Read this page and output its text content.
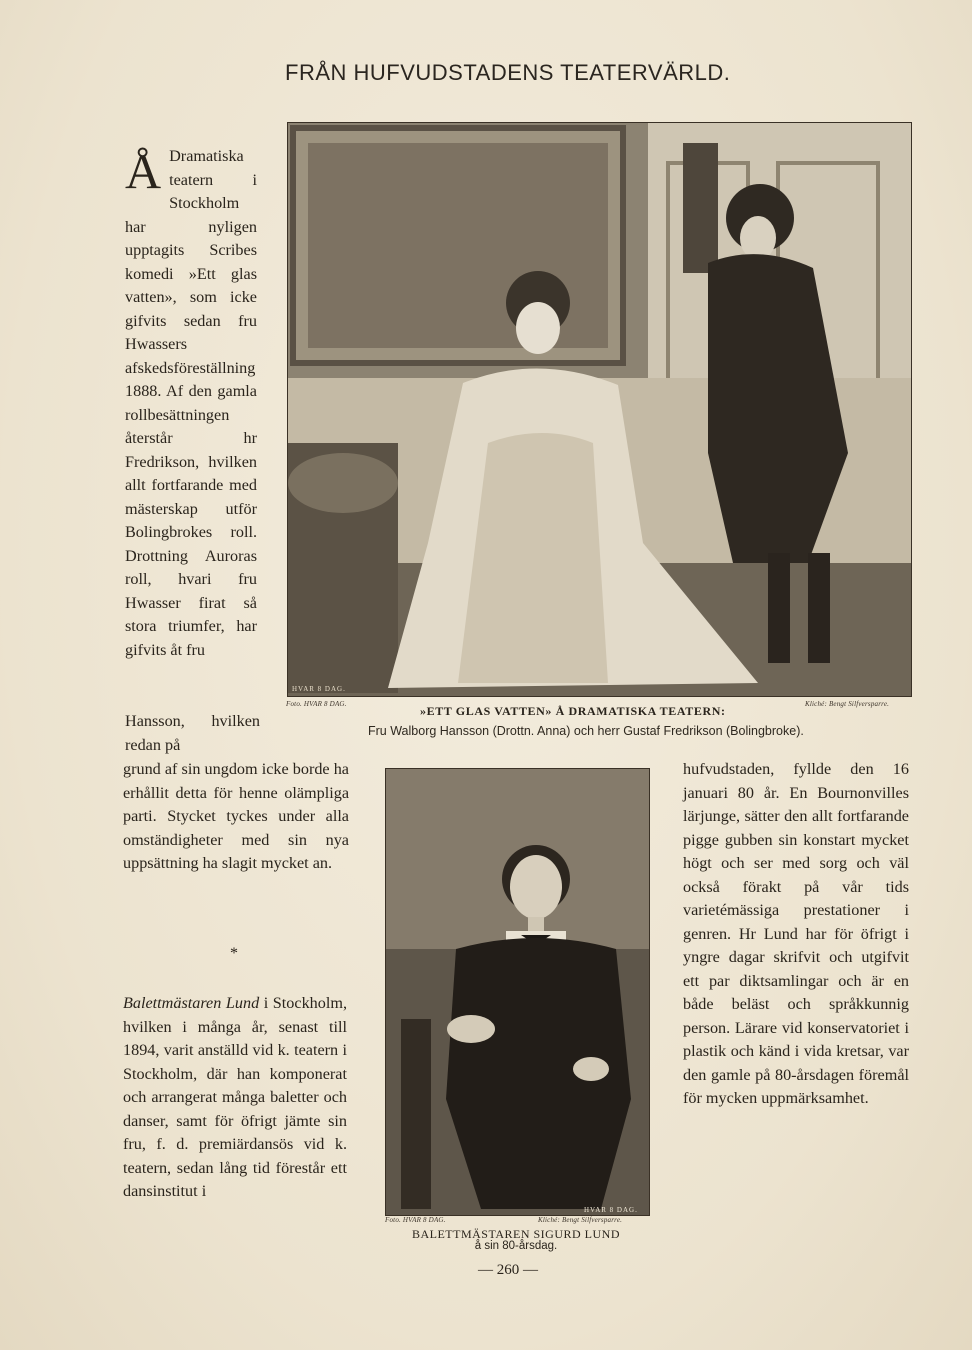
FRÅN HUFVUDSTADENS TEATERVÄRLD.
Å Dramatiska teatern i Stockholm har nyligen upptagits Scribes komedi »Ett glas vatten», som icke gifvits sedan fru Hwassers afskedsföreställning 1888. Af den gamla rollbesättningen återstår hr Fredrikson, hvilken allt fortfarande med mästerskap utför Bolingbrokes roll. Drottning Auroras roll, hvari fru Hwasser firat så stora triumfer, har gifvits åt fru
Hansson, hvilken redan på
grund af sin ungdom icke borde ha erhållit detta för henne olämpliga parti. Stycket tyckes under alla omständigheter med sin nya uppsättning ha slagit mycket an.
*
Balettmästaren Lund i Stockholm, hvilken i många år, senast till 1894, varit anställd vid k. teatern i Stockholm, där han komponerat och arrangerat många baletter och danser, samt för öfrigt jämte sin fru, f. d. premiärdansös vid k. teatern, sedan lång tid förestår ett dansinstitut i
hufvudstaden, fyllde den 16 januari 80 år. En Bournonvilles lärjunge, sätter den allt fortfarande pigge gubben sin konstart mycket högt och ser med sorg och väl också förakt på vår tids varietémässiga prestationer i genren. Hr Lund har för öfrigt i yngre dagar skrifvit och utgifvit ett par diktsamlingar och är en både beläst och språkkunnig person. Lärare vid konservatoriet i plastik och känd i vida kretsar, var den gamle på 80-årsdagen föremål för mycken uppmärksamhet.
HVAR 8 DAG.
Foto. HVAR 8 DAG.	Kliché: Bengt Silfversparre.
»ETT GLAS VATTEN» Å DRAMATISKA TEATERN:
Fru Walborg Hansson (Drottn. Anna) och herr Gustaf Fredrikson (Bolingbroke).
HVAR 8 DAG.
Foto. HVAR 8 DAG.	Kliché: Bengt Silfversparre.
BALETTMÄSTAREN SIGURD LUND
å sin 80-årsdag.
— 260 —
